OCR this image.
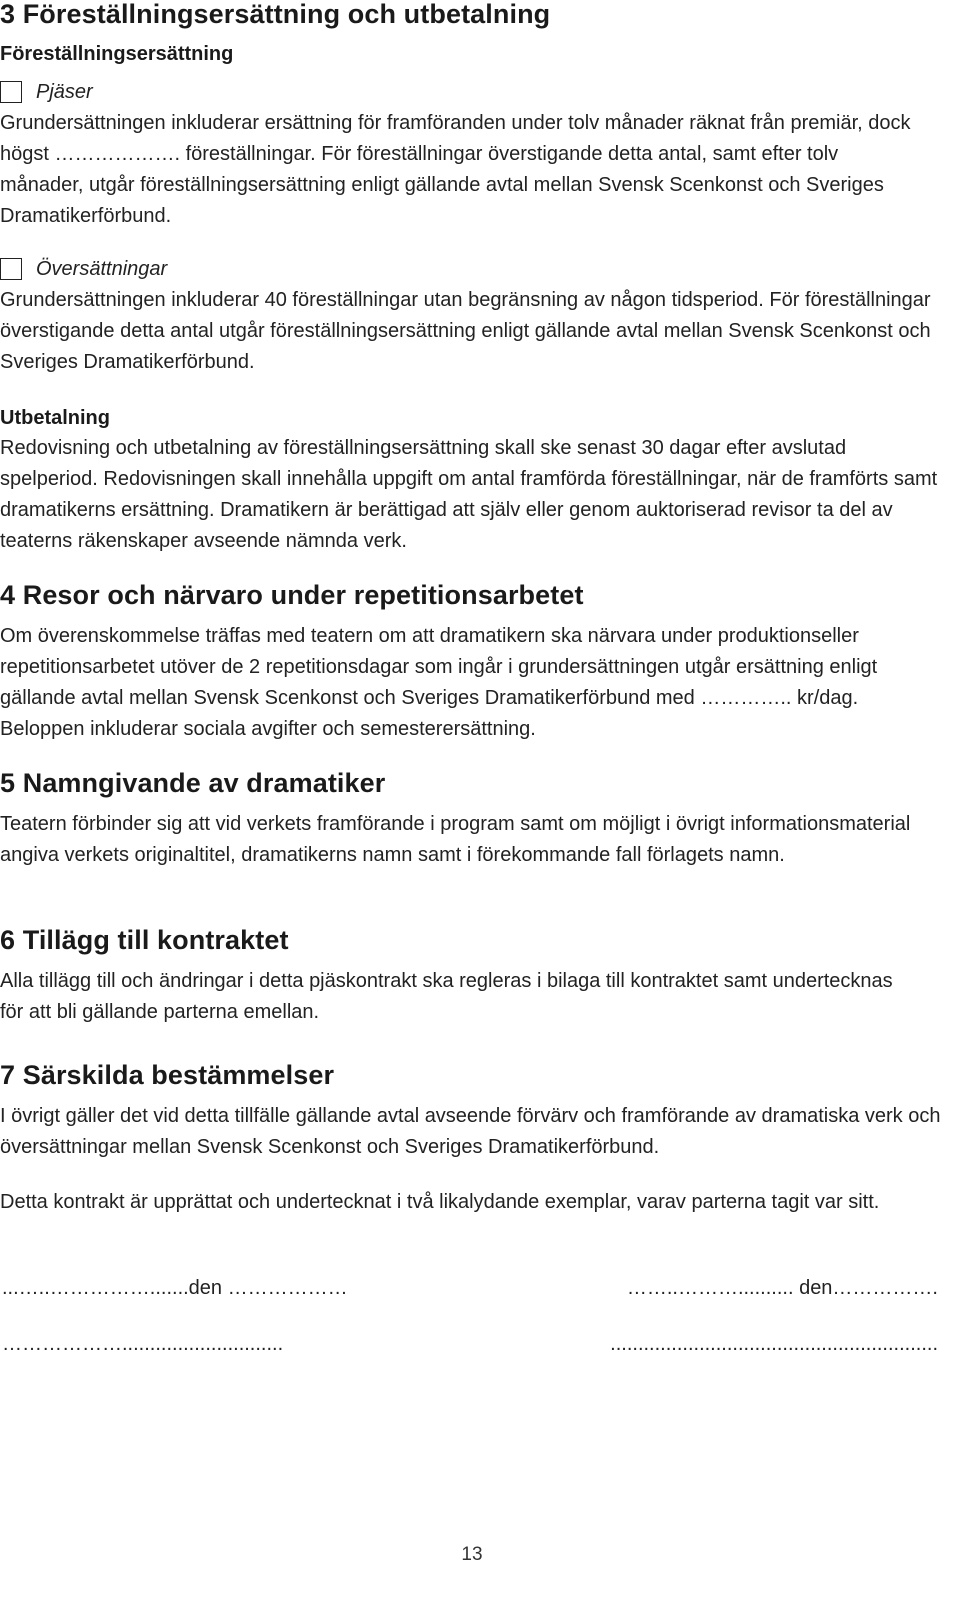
3 Föreställningsersättning och utbetalning
Föreställningsersättning
Pjäser

Grundersättningen inkluderar ersättning för framföranden under tolv månader räknat från premiär, dock högst ………………. föreställningar. För föreställningar överstigande detta antal, samt efter tolv månader, utgår föreställningsersättning enligt gällande avtal mellan Svensk Scenkonst och Sveriges Dramatikerförbund.

Översättningar

Grundersättningen inkluderar 40 föreställningar utan begränsning av någon tidsperiod. För föreställningar överstigande detta antal utgår föreställningsersättning enligt gällande avtal mellan Svensk Scenkonst och Sveriges Dramatikerförbund.

Utbetalning

Redovisning och utbetalning av föreställningsersättning skall ske senast 30 dagar efter avslutad spelperiod. Redovisningen skall innehålla uppgift om antal framförda föreställningar, när de framförts samt dramatikerns ersättning. Dramatikern är berättigad att själv eller genom auktoriserad revisor ta del av teaterns räkenskaper avseende nämnda verk.

4 Resor och närvaro under repetitionsarbetet

Om överenskommelse träffas med teatern om att dramatikern ska närvara under produktionseller repetitionsarbetet utöver de 2 repetitionsdagar som ingår i grundersättningen utgår ersättning enligt gällande avtal mellan Svensk Scenkonst och Sveriges Dramatikerförbund med ………….. kr/dag. Beloppen inkluderar sociala avgifter och semesterersättning.

5 Namngivande av dramatiker

Teatern förbinder sig att vid verkets framförande i program samt om möjligt i övrigt informationsmaterial angiva verkets originaltitel, dramatikerns namn samt i förekommande fall förlagets namn.

6 Tillägg till kontraktet

Alla tillägg till och ändringar i detta pjäskontrakt ska regleras i bilaga till kontraktet samt undertecknas för att bli gällande parterna emellan.

7 Särskilda bestämmelser

I övrigt gäller det vid detta tillfälle gällande avtal avseende förvärv och framförande av dramatiska verk och översättningar mellan Svensk Scenkonst och Sveriges Dramatikerförbund.

Detta kontrakt är upprättat och undertecknat i två likalydande exemplar, varav parterna tagit var sitt.

...…..…………….......den ………………	……..……….......... den…………….
……………….............................	...........................................................
13
